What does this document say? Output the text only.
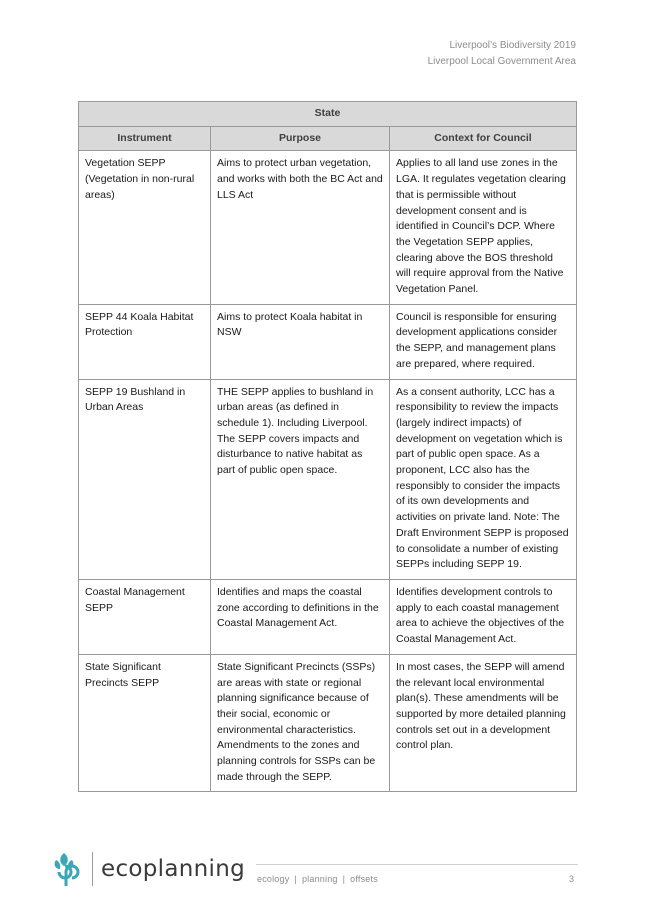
Liverpool’s Biodiversity 2019
Liverpool Local Government Area
State		
Instrument	Purpose	Context for Council
Vegetation SEPP (Vegetation in non-rural areas)	Aims to protect urban vegetation, and works with both the BC Act and LLS Act	Applies to all land use zones in the LGA. It regulates vegetation clearing that is permissible without development consent and is identified in Council’s DCP. Where the Vegetation SEPP applies, clearing above the BOS threshold will require approval from the Native Vegetation Panel.
SEPP 44 Koala Habitat Protection	Aims to protect Koala habitat in NSW	Council is responsible for ensuring development applications consider the SEPP, and management plans are prepared, where required.
SEPP 19 Bushland in Urban Areas	THE SEPP applies to bushland in urban areas (as defined in schedule 1). Including Liverpool. The SEPP covers impacts and disturbance to native habitat as part of public open space.	As a consent authority, LCC has a responsibility to review the impacts (largely indirect impacts) of development on vegetation which is part of public open space. As a proponent, LCC also has the responsibly to consider the impacts of its own developments and activities on private land. Note: The Draft Environment SEPP is proposed to consolidate a number of existing SEPPs including SEPP 19.
Coastal Management SEPP	Identifies and maps the coastal zone according to definitions in the Coastal Management Act.	Identifies development controls to apply to each coastal management area to achieve the objectives of the Coastal Management Act.
State Significant Precincts SEPP	State Significant Precincts (SSPs) are areas with state or regional planning significance because of their social, economic or environmental characteristics. Amendments to the zones and planning controls for SSPs can be made through the SEPP.	In most cases, the SEPP will amend the relevant local environmental plan(s). These amendments will be supported by more detailed planning controls set out in a development control plan.
ecoplanning ecology | planning | offsets	3
